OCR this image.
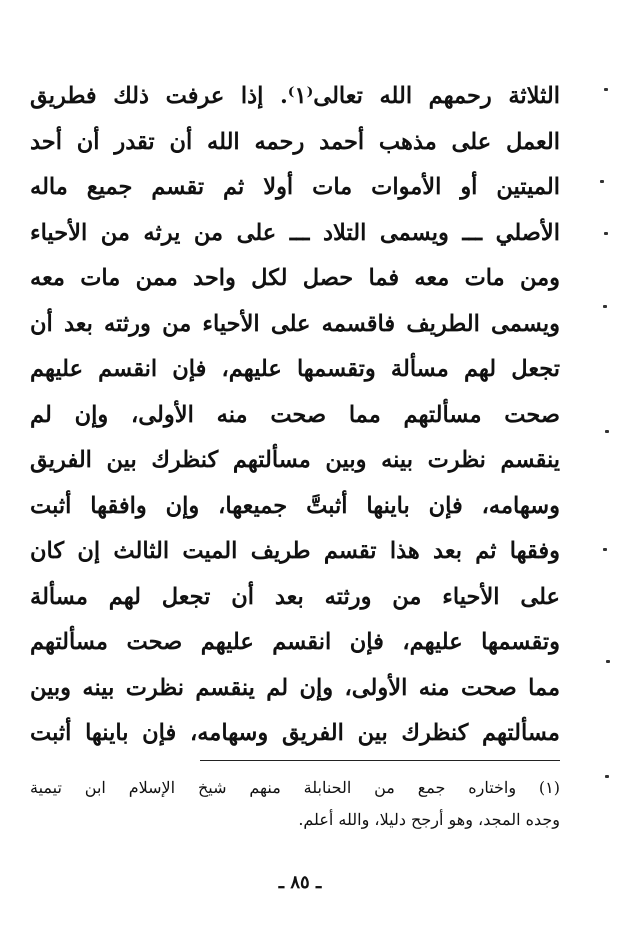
الثلاثة رحمهم الله تعالى⁽١⁾. إذا عرفت ذلك فطريق
العمل على مذهب أحمد رحمه الله أن تقدر أن أحد
الميتين أو الأموات مات أولا ثم تقسم جميع ماله
الأصلي ـــ ويسمى التلاد ـــ على من يرثه من الأحياء
ومن مات معه فما حصل لكل واحد ممن مات معه
ويسمى الطريف فاقسمه على الأحياء من ورثته بعد أن
تجعل لهم مسألة وتقسمها عليهم، فإن انقسم عليهم
صحت مسألتهم مما صحت منه الأولى، وإن لم
ينقسم نظرت بينه وبين مسألتهم كنظرك بين الفريق
وسهامه، فإن باينها أثبتَّ جميعها، وإن وافقها أثبت
وفقها ثم بعد هذا تقسم طريف الميت الثالث إن كان
على الأحياء من ورثته بعد أن تجعل لهم مسألة
وتقسمها عليهم، فإن انقسم عليهم صحت مسألتهم
مما صحت منه الأولى، وإن لم ينقسم نظرت بينه وبين
مسألتهم كنظرك بين الفريق وسهامه، فإن باينها أثبت
(١) واختاره جمع من الحنابلة منهم شيخ الإسلام ابن تيمية
وجده المجد، وهو أرجح دليلا، والله أعلم.
ـ ٨٥ ـ
